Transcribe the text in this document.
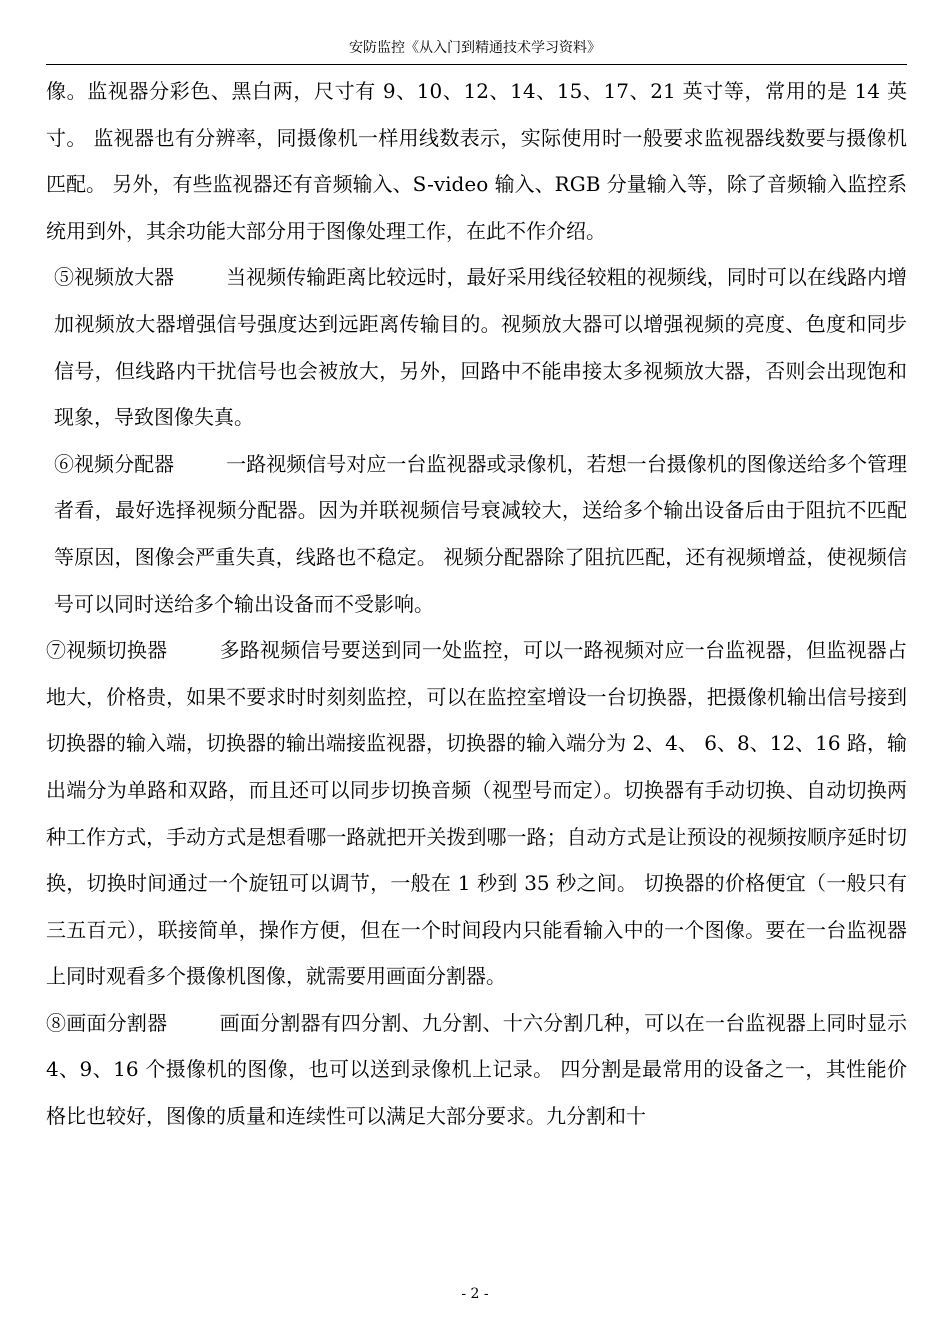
安防监控《从入门到精通技术学习资料》

像。监视器分彩色、黑白两，尺寸有 9、10、12、14、15、17、21 英寸等，常用的是 14 英寸。 监视器也有分辨率，同摄像机一样用线数表示，实际使用时一般要求监视器线数要与摄像机匹配。 另外，有些监视器还有音频输入、S-video 输入、RGB 分量输入等，除了音频输入监控系统用到外，其余功能大部分用于图像处理工作，在此不作介绍。

⑤视频放大器	当视频传输距离比较远时，最好采用线径较粗的视频线，同时可以在线路内增加视频放大器增强信号强度达到远距离传输目的。视频放大器可以增强视频的亮度、色度和同步信号，但线路内干扰信号也会被放大，另外，回路中不能串接太多视频放大器，否则会出现饱和现象，导致图像失真。

⑥视频分配器	一路视频信号对应一台监视器或录像机，若想一台摄像机的图像送给多个管理者看，最好选择视频分配器。因为并联视频信号衰减较大，送给多个输出设备后由于阻抗不匹配等原因，图像会严重失真，线路也不稳定。 视频分配器除了阻抗匹配，还有视频增益，使视频信号可以同时送给多个输出设备而不受影响。

⑦视频切换器	多路视频信号要送到同一处监控，可以一路视频对应一台监视器，但监视器占地大，价格贵，如果不要求时时刻刻监控，可以在监控室增设一台切换器，把摄像机输出信号接到切换器的输入端，切换器的输出端接监视器，切换器的输入端分为 2、4、 6、8、12、16 路，输出端分为单路和双路，而且还可以同步切换音频（视型号而定）。切换器有手动切换、自动切换两种工作方式，手动方式是想看哪一路就把开关拨到哪一路；自动方式是让预设的视频按顺序延时切换，切换时间通过一个旋钮可以调节，一般在 1 秒到 35 秒之间。 切换器的价格便宜（一般只有三五百元），联接简单，操作方便，但在一个时间段内只能看输入中的一个图像。要在一台监视器上同时观看多个摄像机图像，就需要用画面分割器。

⑧画面分割器	画面分割器有四分割、九分割、十六分割几种，可以在一台监视器上同时显示 4、9、16 个摄像机的图像，也可以送到录像机上记录。 四分割是最常用的设备之一，其性能价格比也较好，图像的质量和连续性可以满足大部分要求。九分割和十

- 2 -
